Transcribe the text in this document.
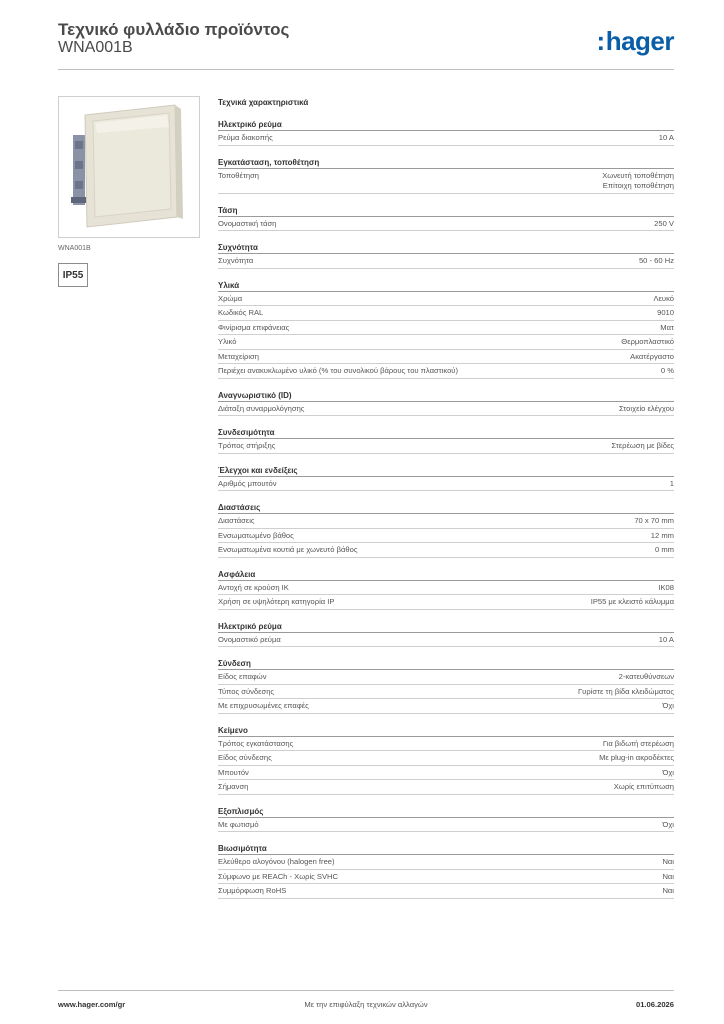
Τεχνικό φυλλάδιο προϊόντος
WNA001B	:hager
WNA001B
IP55
Τεχνικά χαρακτηριστικά
Ηλεκτρικό ρεύμα
Ρεύμα διακοπής	10 A
Εγκατάσταση, τοποθέτηση
Τοποθέτηση	Χωνευτή τοποθέτηση
Επίτοιχη τοποθέτηση
Τάση
Ονομαστική τάση	250 V
Συχνότητα
Συχνότητα	50 - 60 Hz
Υλικά
Χρώμα	Λευκό
Κωδικός RAL	9010
Φινίρισμα επιφάνειας	Ματ
Υλικό	Θερμοπλαστικό
Μεταχείριση	Ακατέργαστο
Περιέχει ανακυκλωμένο υλικό (% του συνολικού βάρους του πλαστικού)	0 %
Αναγνωριστικό (ID)
Διάταξη συναρμολόγησης	Στοιχείο ελέγχου
Συνδεσιμότητα
Τρόπος στήριξης	Στερέωση με βίδες
Έλεγχοι και ενδείξεις
Αριθμός μπουτόν	1
Διαστάσεις
Διαστάσεις	70 x 70 mm
Ενσωματωμένο βάθος	12 mm
Ενσωματωμένα κουτιά με χωνευτό βάθος	0 mm
Ασφάλεια
Αντοχή σε κρούση IK	IK08
Χρήση σε υψηλότερη κατηγορία IP	IP55 με κλειστό κάλυμμα
Ηλεκτρικό ρεύμα
Ονομαστικό ρεύμα	10 A
Σύνδεση
Είδος επαφών	2-κατευθύνσεων
Τύπος σύνδεσης	Γυρίστε τη βίδα κλειδώματος
Με επιχρυσωμένες επαφές	Όχι
Κείμενο
Τρόπος εγκατάστασης	Για βιδωτή στερέωση
Είδος σύνδεσης	Με plug-in ακροδέκτες
Μπουτόν	Όχι
Σήμανση	Χωρίς επιτύπωση
Εξοπλισμός
Με φωτισμό	Όχι
Βιωσιμότητα
Ελεύθερο αλογόνου (halogen free)	Ναι
Σύμφωνο με REACh - Χωρίς SVHC	Ναι
Συμμόρφωση RoHS	Ναι
www.hager.com/gr	Με την επιφύλαξη τεχνικών αλλαγών	01.06.2026
